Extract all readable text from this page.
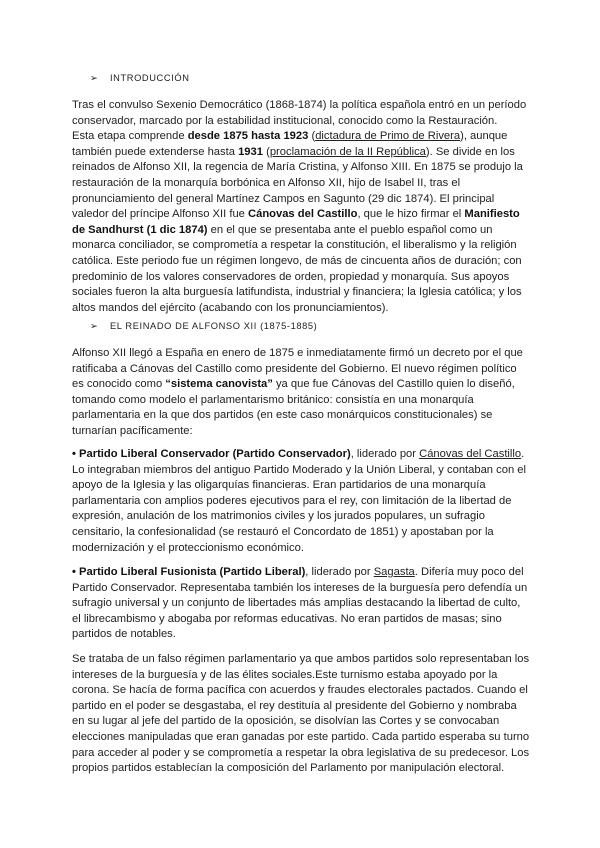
➢ INTRODUCCIÓN
Tras el convulso Sexenio Democrático (1868-1874) la política española entró en un período
conservador, marcado por la estabilidad institucional, conocido como la Restauración.
Esta etapa comprende desde 1875 hasta 1923 (dictadura de Primo de Rivera), aunque
también puede extenderse hasta 1931 (proclamación de la II República). Se divide en los
reinados de Alfonso XII, la regencia de María Cristina, y Alfonso XIII. En 1875 se produjo la
restauración de la monarquía borbónica en Alfonso XII, hijo de Isabel II, tras el
pronunciamiento del general Martínez Campos en Sagunto (29 dic 1874). El principal
valedor del príncipe Alfonso XII fue Cánovas del Castillo, que le hizo firmar el Manifiesto
de Sandhurst (1 dic 1874) en el que se presentaba ante el pueblo español como un
monarca conciliador, se comprometía a respetar la constitución, el liberalismo y la religión
católica. Este periodo fue un régimen longevo, de más de cincuenta años de duración; con
predominio de los valores conservadores de orden, propiedad y monarquía. Sus apoyos
sociales fueron la alta burguesía latifundista, industrial y financiera; la Iglesia católica; y los
altos mandos del ejército (acabando con los pronunciamientos).
➢ EL REINADO DE ALFONSO XII (1875-1885)
Alfonso XII llegó a España en enero de 1875 e inmediatamente firmó un decreto por el que
ratificaba a Cánovas del Castillo como presidente del Gobierno. El nuevo régimen político
es conocido como “sistema canovista” ya que fue Cánovas del Castillo quien lo diseñó,
tomando como modelo el parlamentarismo británico: consistía en una monarquía
parlamentaria en la que dos partidos (en este caso monárquicos constitucionales) se
turnarían pacíficamente:
• Partido Liberal Conservador (Partido Conservador), liderado por Cánovas del Castillo.
Lo integraban miembros del antiguo Partido Moderado y la Unión Liberal, y contaban con el
apoyo de la Iglesia y las oligarquías financieras. Eran partidarios de una monarquía
parlamentaria con amplios poderes ejecutivos para el rey, con limitación de la libertad de
expresión, anulación de los matrimonios civiles y los jurados populares, un sufragio
censitario, la confesionalidad (se restauró el Concordato de 1851) y apostaban por la
modernización y el proteccionismo económico.
• Partido Liberal Fusionista (Partido Liberal), liderado por Sagasta. Difería muy poco del
Partido Conservador. Representaba también los intereses de la burguesía pero defendía un
sufragio universal y un conjunto de libertades más amplias destacando la libertad de culto,
el librecambismo y abogaba por reformas educativas. No eran partidos de masas; sino
partidos de notables.
Se trataba de un falso régimen parlamentario ya que ambos partidos solo representaban los
intereses de la burguesía y de las élites sociales.Este turnismo estaba apoyado por la
corona. Se hacía de forma pacífica con acuerdos y fraudes electorales pactados. Cuando el
partido en el poder se desgastaba, el rey destituía al presidente del Gobierno y nombraba
en su lugar al jefe del partido de la oposición, se disolvían las Cortes y se convocaban
elecciones manipuladas que eran ganadas por este partido. Cada partido esperaba su turno
para acceder al poder y se comprometía a respetar la obra legislativa de su predecesor. Los
propios partidos establecían la composición del Parlamento por manipulación electoral.
